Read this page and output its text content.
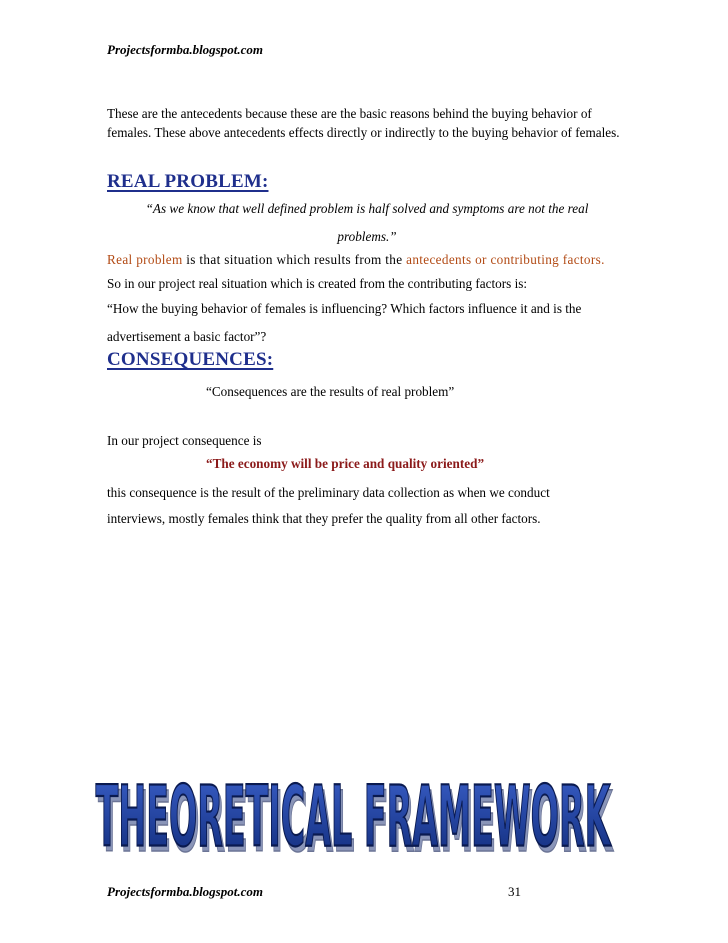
Projectsformba.blogspot.com
These are the antecedents because these are the basic reasons behind the buying behavior of females. These above antecedents effects directly or indirectly to the buying behavior of females.
REAL PROBLEM:
“As we know that well defined problem is half solved and symptoms are not the real
problems.”
Real problem is that situation which results from the antecedents or contributing factors.
So in our project real situation which is created from the contributing factors is:
“How the buying behavior of females is influencing? Which factors influence it and is the
advertisement a basic factor”?
CONSEQUENCES:
“Consequences are the results of real problem”
In our project consequence is
“The economy will be price and quality oriented”
this consequence is the result of the preliminary data collection as when we conduct
interviews, mostly females think that they prefer the quality from all other factors.
THEORETICAL FRAMEWORK
THEORETICAL FRAMEWORK
Projectsformba.blogspot.com	31
